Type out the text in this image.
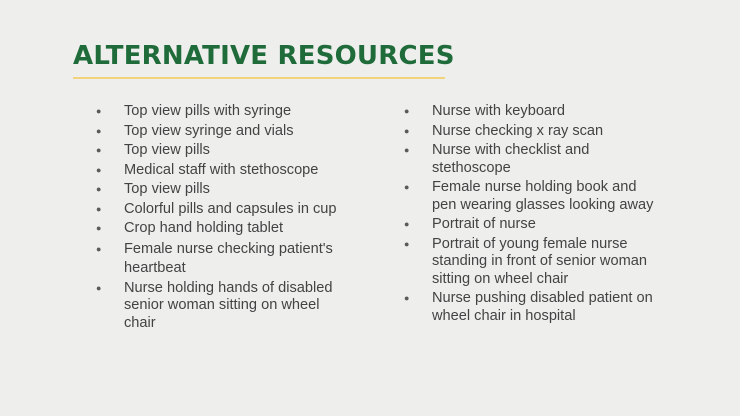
ALTERNATIVE RESOURCES
● Top view pills with syringe
● Top view syringe and vials
● Top view pills
● Medical staff with stethoscope
● Top view pills
● Colorful pills and capsules in cup
● Crop hand holding tablet
● Female nurse checking patient's heartbeat
● Nurse holding hands of disabled senior woman sitting on wheel chair
● Nurse with keyboard
● Nurse checking x ray scan
● Nurse with checklist and stethoscope
● Female nurse holding book and pen wearing glasses looking away
● Portrait of nurse
● Portrait of young female nurse standing in front of senior woman sitting on wheel chair
● Nurse pushing disabled patient on wheel chair in hospital
